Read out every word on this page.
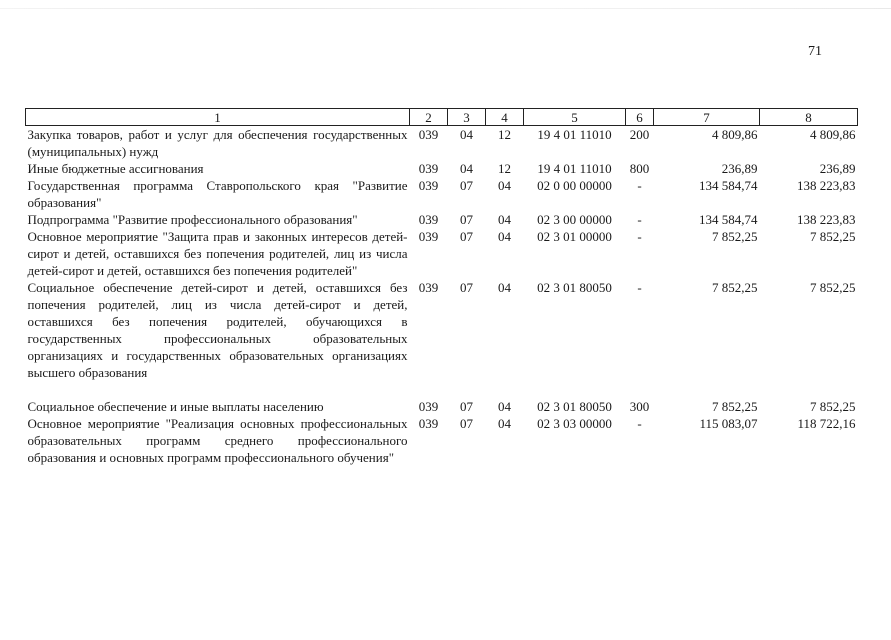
71
1	2	3	4	5	6	7	8
Закупка товаров, работ и услуг для обеспечения государственных (муниципальных) нужд	039	04	12	19 4 01 11010	200	4 809,86	4 809,86
Иные бюджетные ассигнования	039	04	12	19 4 01 11010	800	236,89	236,89
Государственная программа Ставропольского края "Развитие образования"	039	07	04	02 0 00 00000	-	134 584,74	138 223,83
Подпрограмма "Развитие профессионального образования"	039	07	04	02 3 00 00000	-	134 584,74	138 223,83
Основное мероприятие "Защита прав и законных интересов детей-сирот и детей, оставшихся без попечения родителей, лиц из числа детей-сирот и детей, оставшихся без попечения родителей"	039	07	04	02 3 01 00000	-	7 852,25	7 852,25
Социальное обеспечение детей-сирот и детей, оставшихся без попечения родителей, лиц из числа детей-сирот и детей, оставшихся без попечения родителей, обучающихся в государственных профессиональных образовательных организациях и государственных образовательных организациях высшего образования	039	07	04	02 3 01 80050	-	7 852,25	7 852,25

Социальное обеспечение и иные выплаты населению	039	07	04	02 3 01 80050	300	7 852,25	7 852,25
Основное мероприятие "Реализация основных профессиональных образовательных программ среднего профессионального образования и основных программ профессионального обучения"	039	07	04	02 3 03 00000	-	115 083,07	118 722,16
